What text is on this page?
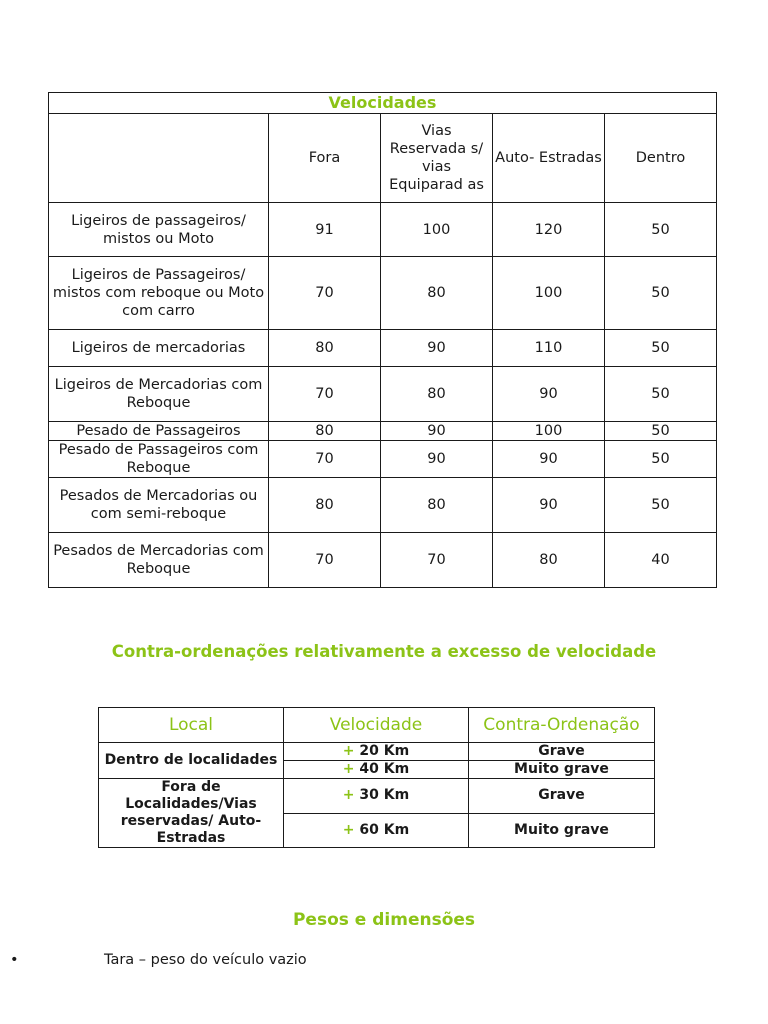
Velocidades				
	Fora	Vias Reservada s/ vias Equiparad as	Auto- Estradas	Dentro
Ligeiros de passageiros/ mistos ou Moto	91	100	120	50
Ligeiros de Passageiros/ mistos com reboque ou Moto com carro	70	80	100	50
Ligeiros de mercadorias	80	90	110	50
Ligeiros de Mercadorias com Reboque	70	80	90	50
Pesado de Passageiros	80	90	100	50
Pesado de Passageiros com Reboque	70	90	90	50
Pesados de Mercadorias ou com semi-reboque	80	80	90	50
Pesados de Mercadorias com Reboque	70	70	80	40
Contra-ordenações relativamente a excesso de velocidade
Local	Velocidade	Contra-Ordenação
Dentro de localidades	+ 20 Km	Grave
	+ 40 Km	Muito grave
Fora de Localidades/Vias reservadas/ Auto-Estradas	+ 30 Km	Grave
	+ 60 Km	Muito grave
Pesos e dimensões
•	Tara – peso do veículo vazio
